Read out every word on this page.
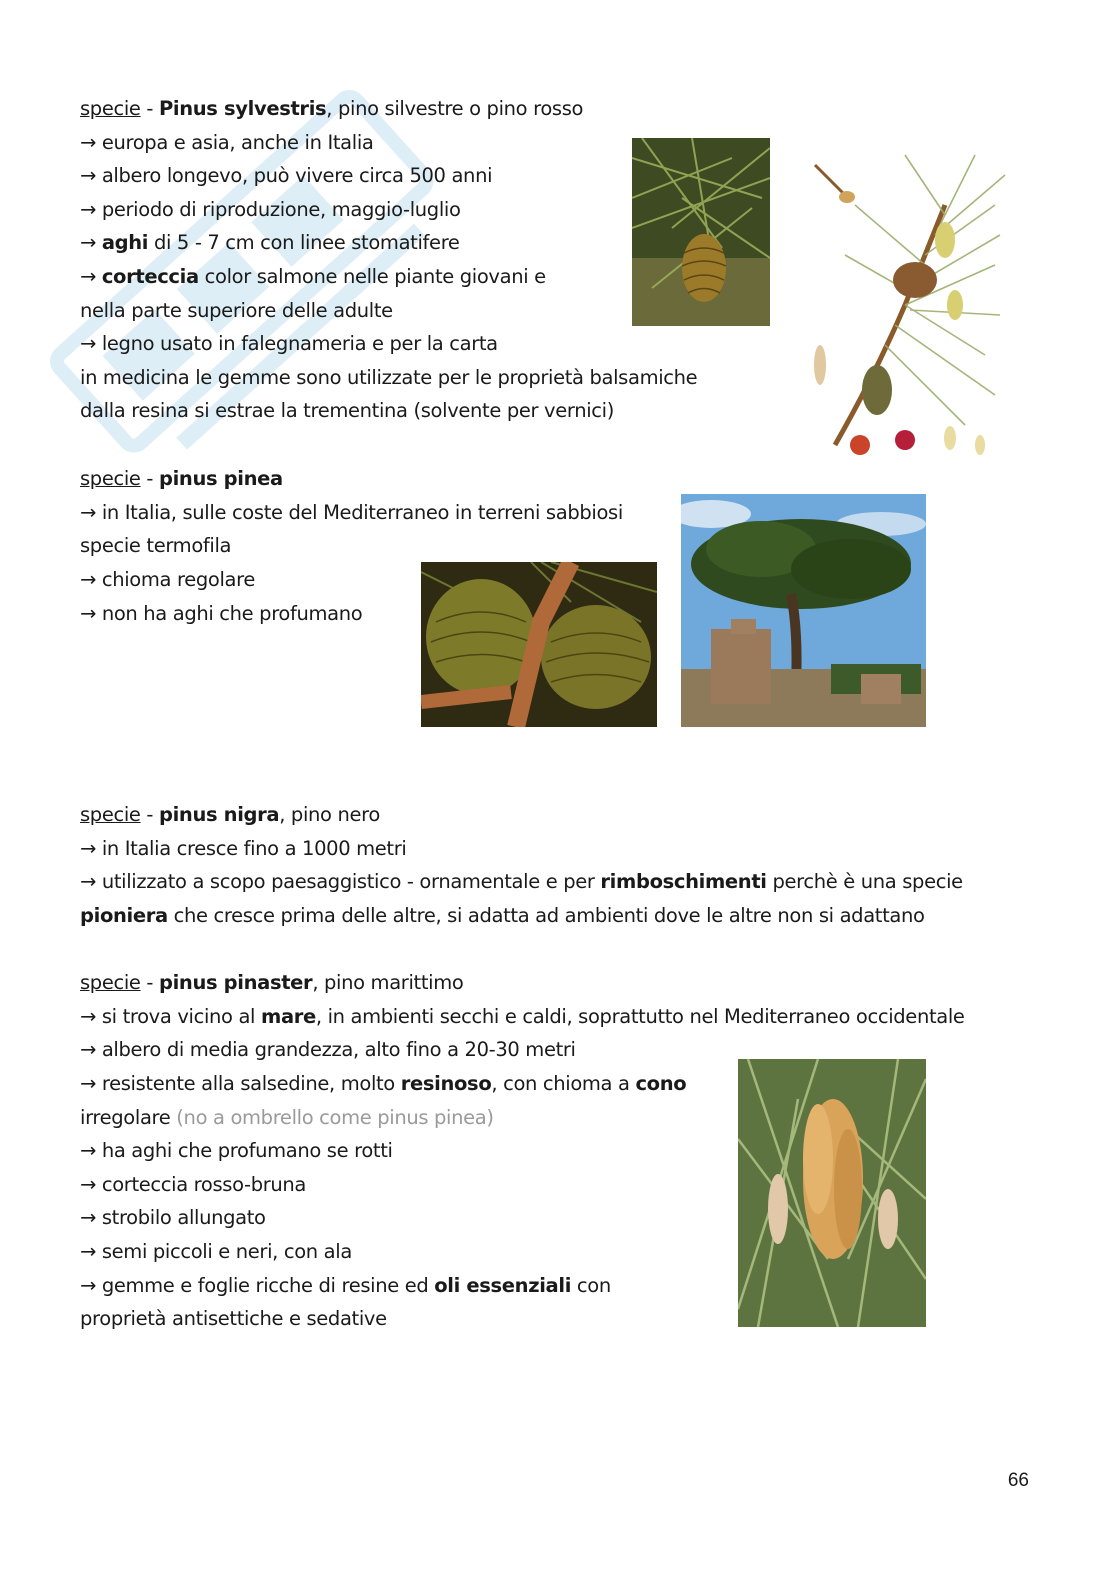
specie - Pinus sylvestris, pino silvestre o pino rosso
→ europa e asia, anche in Italia
→ albero longevo, può vivere circa 500 anni
→ periodo di riproduzione, maggio-luglio
→ aghi di 5 - 7 cm con linee stomatifere
→ corteccia color salmone nelle piante giovani e
nella parte superiore delle adulte
→ legno usato in falegnameria e per la carta
in medicina le gemme sono utilizzate per le proprietà balsamiche
dalla resina si estrae la trementina (solvente per vernici)
specie - pinus pinea
→ in Italia, sulle coste del Mediterraneo in terreni sabbiosi
specie termofila
→ chioma regolare
→ non ha aghi che profumano
specie - pinus nigra, pino nero
→ in Italia cresce fino a 1000 metri
→ utilizzato a scopo paesaggistico - ornamentale e per rimboschimenti perchè è una specie
pioniera che cresce prima delle altre, si adatta ad ambienti dove le altre non si adattano
specie - pinus pinaster, pino marittimo
→ si trova vicino al mare, in ambienti secchi e caldi, soprattutto nel Mediterraneo occidentale
→ albero di media grandezza, alto fino a 20-30 metri
→ resistente alla salsedine, molto resinoso, con chioma a cono
irregolare (no a ombrello come pinus pinea)
→ ha aghi che profumano se rotti
→ corteccia rosso-bruna
→ strobilo allungato
→ semi piccoli e neri, con ala
→ gemme e foglie ricche di resine ed oli essenziali con
proprietà antisettiche e sedative
66
